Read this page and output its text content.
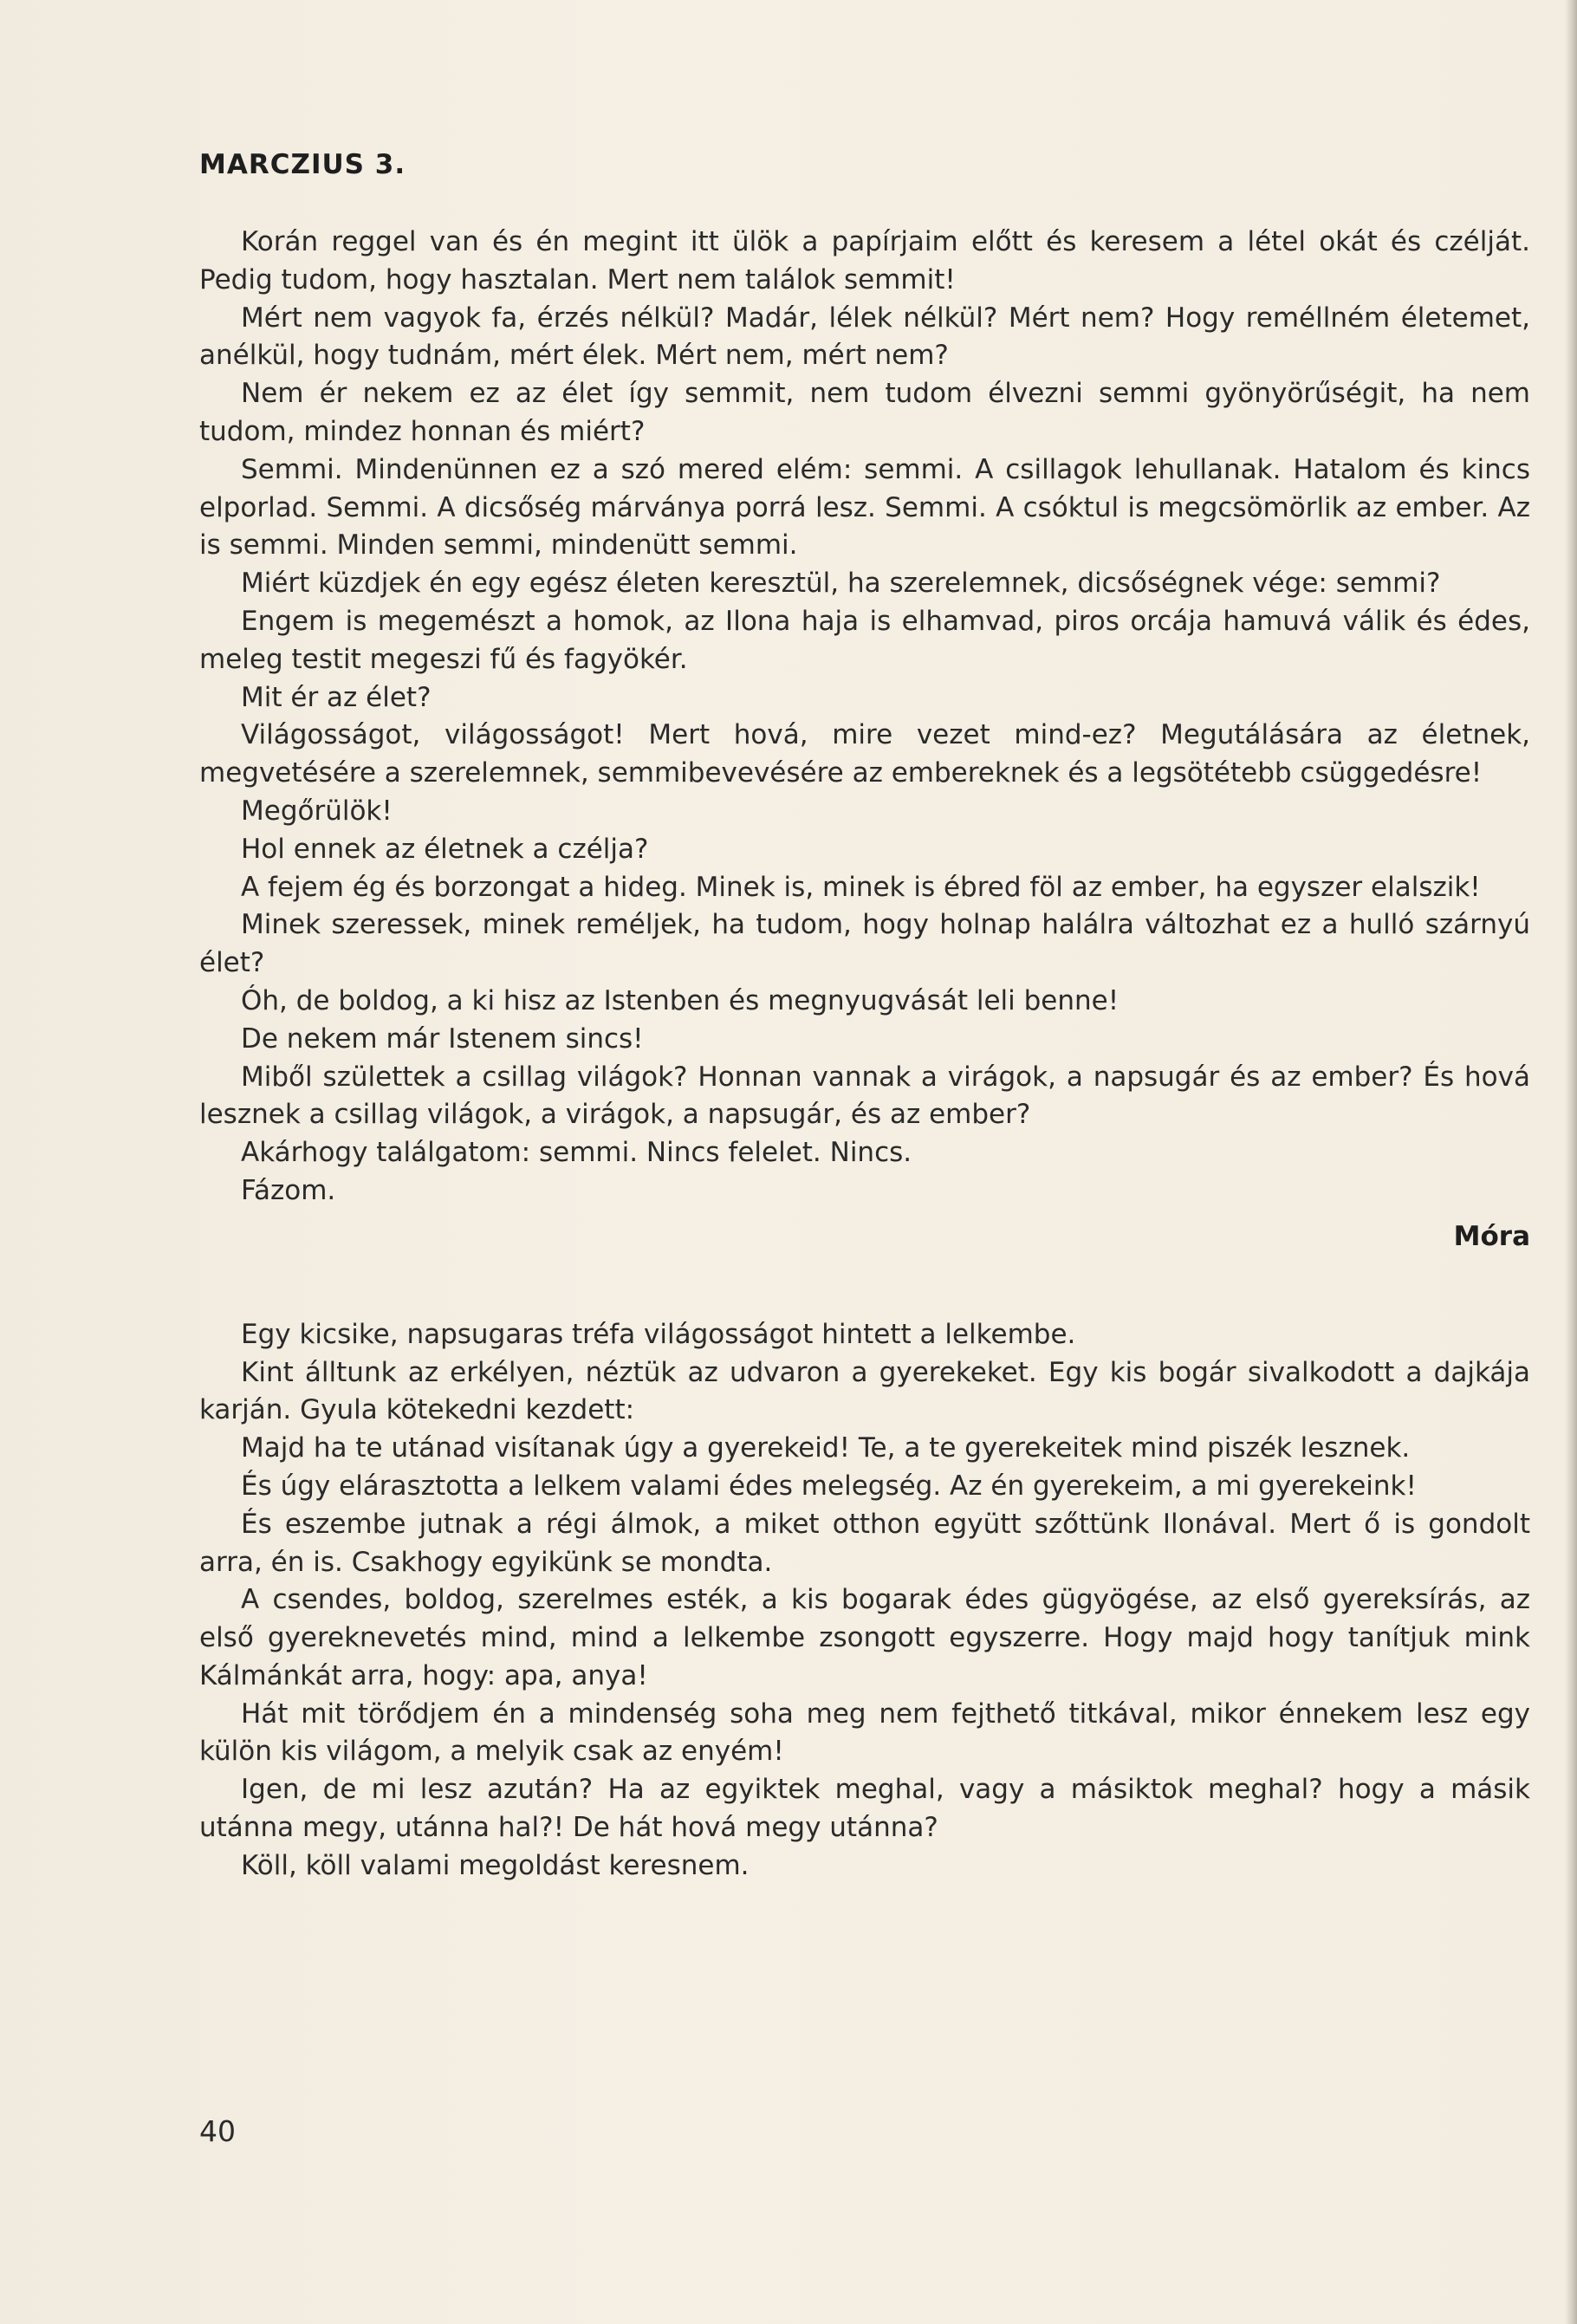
MARCZIUS 3.

Korán reggel van és én megint itt ülök a papírjaim előtt és keresem a létel okát és czélját. Pedig tudom, hogy hasztalan. Mert nem találok semmit!

Mért nem vagyok fa, érzés nélkül? Madár, lélek nélkül? Mért nem? Hogy reméllném életemet, anélkül, hogy tudnám, mért élek. Mért nem, mért nem?

Nem ér nekem ez az élet így semmit, nem tudom élvezni semmi gyönyörűségit, ha nem tudom, mindez honnan és miért?

Semmi. Mindenünnen ez a szó mered elém: semmi. A csillagok lehullanak. Hatalom és kincs elporlad. Semmi. A dicsőség márványa porrá lesz. Semmi. A csóktul is megcsömörlik az ember. Az is semmi. Minden semmi, mindenütt semmi.

Miért küzdjek én egy egész életen keresztül, ha szerelemnek, dicsőségnek vége: semmi?

Engem is megemészt a homok, az Ilona haja is elhamvad, piros orcája hamuvá válik és édes, meleg testit megeszi fű és fagyökér.

Mit ér az élet?

Világosságot, világosságot! Mert hová, mire vezet mind-ez? Megutálására az életnek, megvetésére a szerelemnek, semmibevevésére az embereknek és a legsötétebb csüggedésre!

Megőrülök!

Hol ennek az életnek a czélja?

A fejem ég és borzongat a hideg. Minek is, minek is ébred föl az ember, ha egyszer elalszik!

Minek szeressek, minek reméljek, ha tudom, hogy holnap halálra változhat ez a hulló szárnyú élet?

Óh, de boldog, a ki hisz az Istenben és megnyugvását leli benne!

De nekem már Istenem sincs!

Miből születtek a csillag világok? Honnan vannak a virágok, a napsugár és az ember? És hová lesznek a csillag világok, a virágok, a napsugár, és az ember?

Akárhogy találgatom: semmi. Nincs felelet. Nincs.

Fázom.

Móra

Egy kicsike, napsugaras tréfa világosságot hintett a lelkembe.

Kint álltunk az erkélyen, néztük az udvaron a gyerekeket. Egy kis bogár sivalkodott a dajkája karján. Gyula kötekedni kezdett:

Majd ha te utánad visítanak úgy a gyerekeid! Te, a te gyerekeitek mind piszék lesznek.

És úgy elárasztotta a lelkem valami édes melegség. Az én gyerekeim, a mi gyerekeink!

És eszembe jutnak a régi álmok, a miket otthon együtt szőttünk Ilonával. Mert ő is gondolt arra, én is. Csakhogy egyikünk se mondta.

A csendes, boldog, szerelmes esték, a kis bogarak édes gügyögése, az első gyereksírás, az első gyereknevetés mind, mind a lelkembe zsongott egyszerre. Hogy majd hogy tanítjuk mink Kálmánkát arra, hogy: apa, anya!

Hát mit törődjem én a mindenség soha meg nem fejthető titkával, mikor énnekem lesz egy külön kis világom, a melyik csak az enyém!

Igen, de mi lesz azután? Ha az egyiktek meghal, vagy a másiktok meghal? hogy a másik utánna megy, utánna hal?! De hát hová megy utánna?

Köll, köll valami megoldást keresnem.

40
